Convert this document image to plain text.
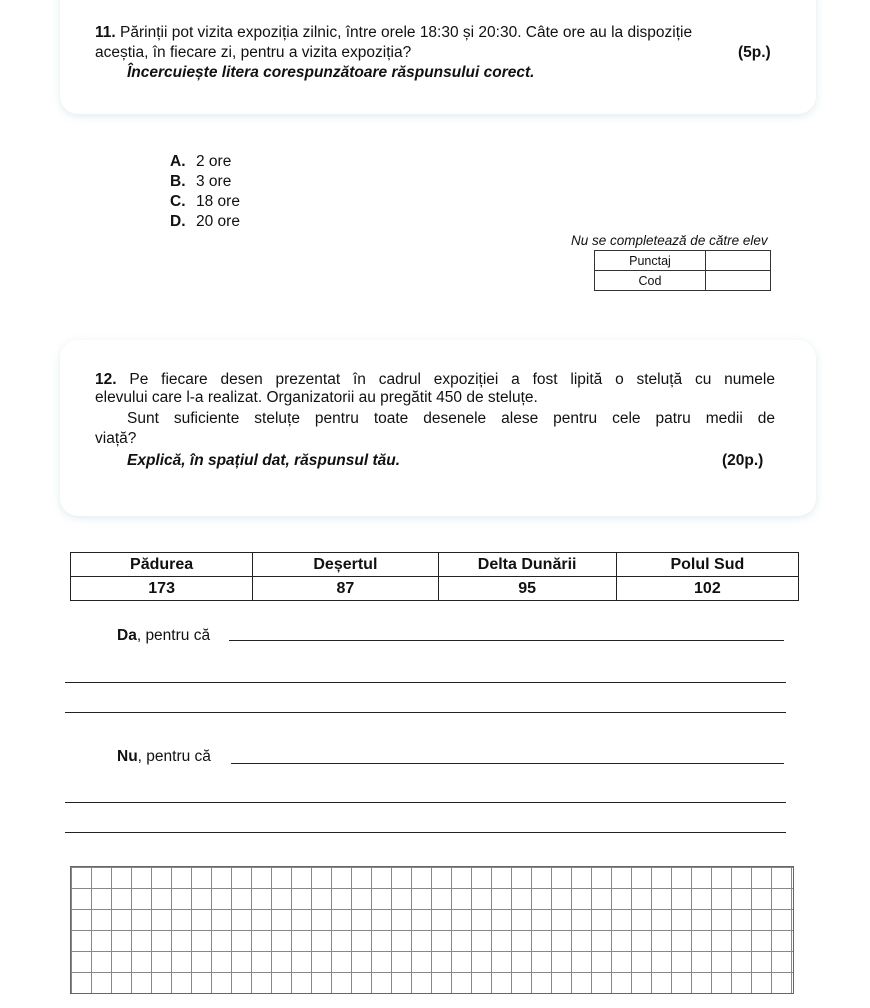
11. Părinții pot vizita expoziția zilnic, între orele 18:30 și 20:30. Câte ore au la dispoziție
aceștia, în fiecare zi, pentru a vizita expoziția?	(5p.)
Încercuiește litera corespunzătoare răspunsului corect.
A. 2 ore
B. 3 ore
C. 18 ore
D. 20 ore
Nu se completează de către elev
Punctaj	
Cod	
12. Pe fiecare desen prezentat în cadrul expoziției a fost lipită o steluță cu numele
elevului care l-a realizat. Organizatorii au pregătit 450 de steluțe.
Sunt suficiente steluțe pentru toate desenele alese pentru cele patru medii de
viață?
Explică, în spațiul dat, răspunsul tău.	(20p.)
Pădurea	Deșertul	Delta Dunării	Polul Sud
173	87	95	102
Da, pentru că
Nu, pentru că
